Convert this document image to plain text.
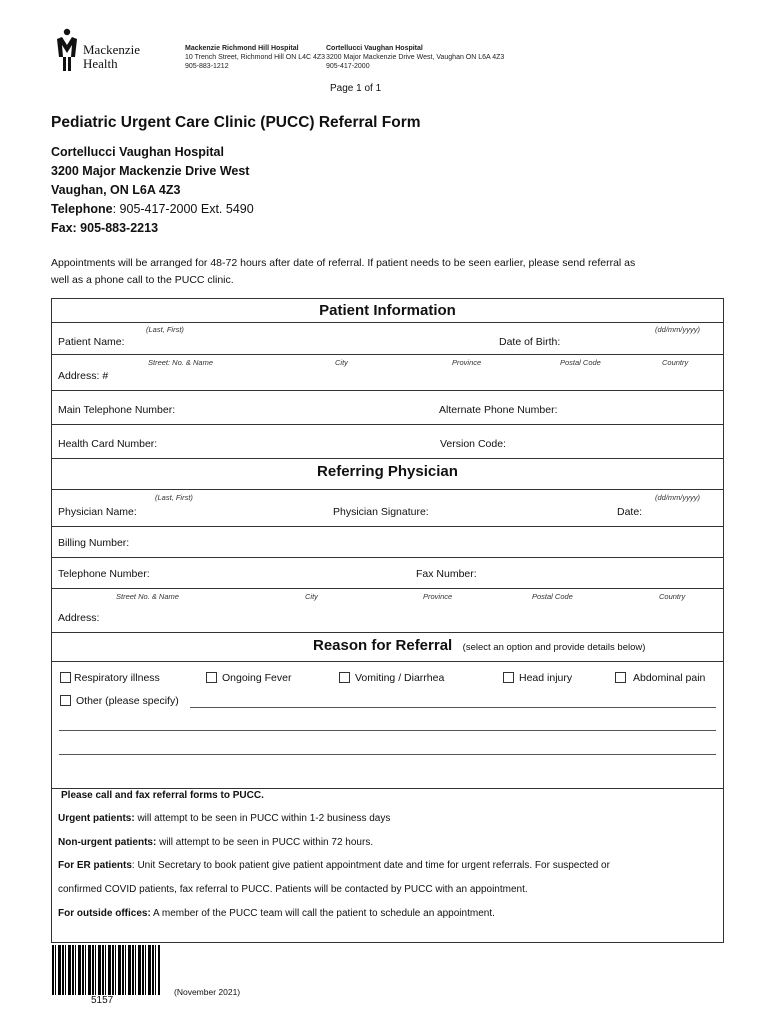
Mackenzie
Health
Mackenzie Richmond Hill Hospital
10 Trench Street, Richmond Hill ON L4C 4Z3
905-883-1212
Cortellucci Vaughan Hospital
3200 Major Mackenzie Drive West, Vaughan ON L6A 4Z3
905-417-2000
Page 1 of 1
Pediatric Urgent Care Clinic (PUCC) Referral Form
Cortellucci Vaughan Hospital
3200 Major Mackenzie Drive West
Vaughan, ON L6A 4Z3
Telephone: 905-417-2000 Ext. 5490
Fax: 905-883-2213
Appointments will be arranged for 48-72 hours after date of referral. If patient needs to be seen earlier, please send referral as
well as a phone call to the PUCC clinic.
Patient Information
(Last, First)	(dd/mm/yyyy)
Patient Name:	Date of Birth:
Street: No. & Name	City	Province	Postal Code	Country
Address: #
Main Telephone Number:	Alternate Phone Number:
Health Card Number:	Version Code:
Referring Physician
(Last, First)	(dd/mm/yyyy)
Physician Name:	Physician Signature:	Date:
Billing Number:
Telephone Number:	Fax Number:
Street No. & Name	City	Province	Postal Code	Country
Address:
Reason for Referral (select an option and provide details below)
Respiratory illness	Ongoing Fever	Vomiting / Diarrhea	Head injury	Abdominal pain
Other (please specify)
Please call and fax referral forms to PUCC.
Urgent patients: will attempt to be seen in PUCC within 1-2 business days
Non-urgent patients: will attempt to be seen in PUCC within 72 hours.
For ER patients: Unit Secretary to book patient give patient appointment date and time for urgent referrals. For suspected or
confirmed COVID patients, fax referral to PUCC. Patients will be contacted by PUCC with an appointment.
For outside offices: A member of the PUCC team will call the patient to schedule an appointment.
5157
(November 2021)
